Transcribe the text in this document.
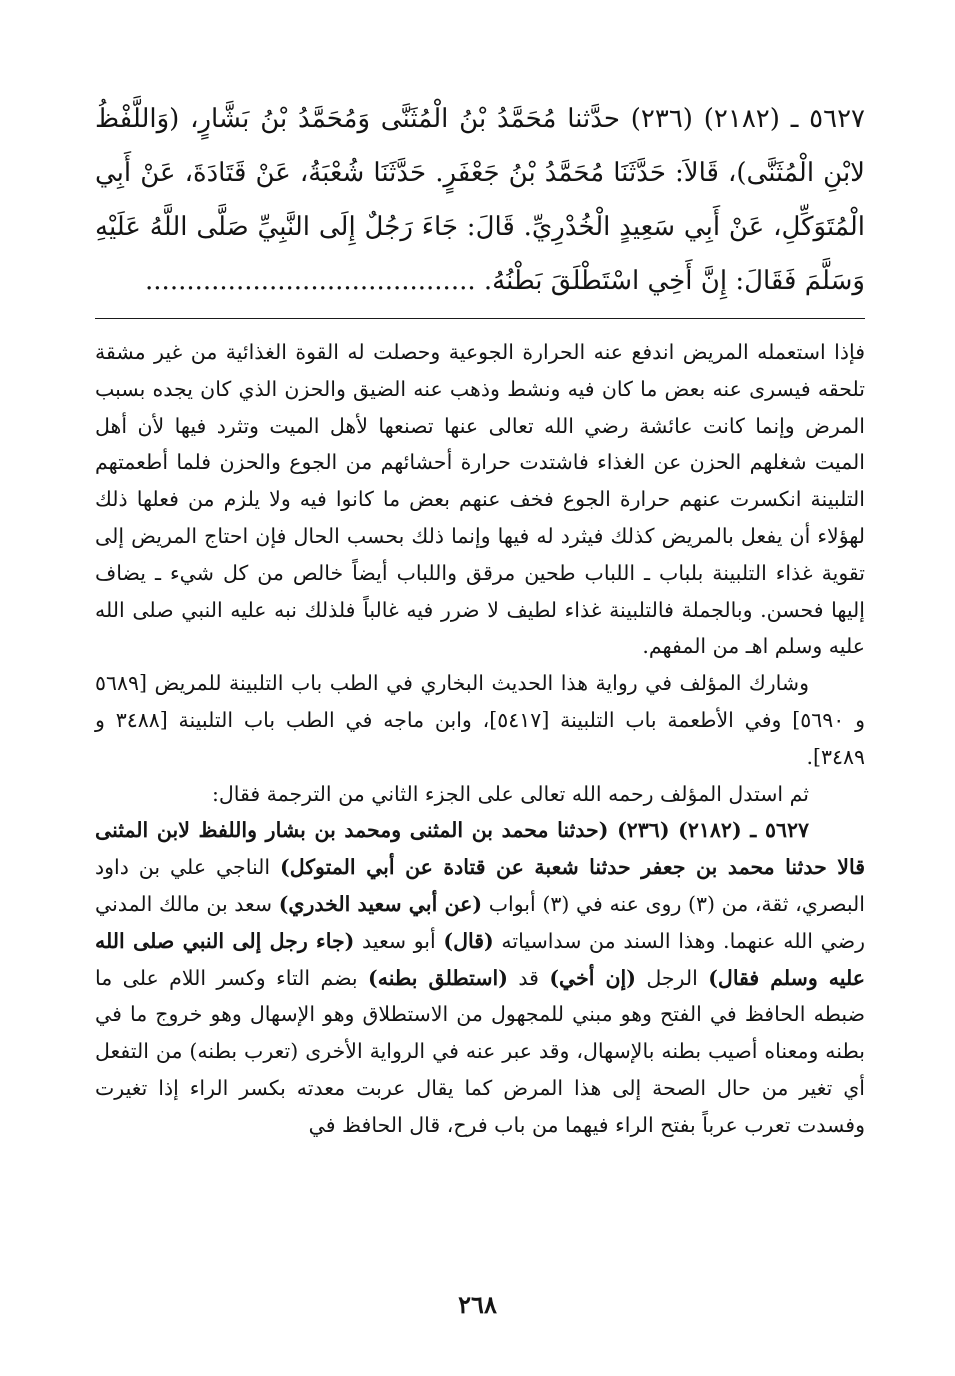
٥٦٢٧ ـ (٢١٨٢) (٢٣٦) حدَّثنا مُحَمَّدُ بْنُ الْمُثَنَّى وَمُحَمَّدُ بْنُ بَشَّارٍ، (وَاللَّفْظُ لابْنِ الْمُثَنَّى)، قَالاَ: حَدَّثَنَا مُحَمَّدُ بْنُ جَعْفَرٍ. حَدَّثَنَا شُعْبَةُ، عَنْ قَتَادَةَ، عَنْ أَبِي الْمُتَوَكِّلِ، عَنْ أَبِي سَعِيدٍ الْخُدْرِيِّ. قَالَ: جَاءَ رَجُلٌ إِلَى النَّبِيِّ صَلَّى اللَّهُ عَلَيْهِ وَسَلَّمَ فَقَالَ: إِنَّ أَخِي اسْتَطْلَقَ بَطْنُهُ. ........................................

فإذا استعمله المريض اندفع عنه الحرارة الجوعية وحصلت له القوة الغذائية من غير مشقة تلحقه فيسرى عنه بعض ما كان فيه ونشط وذهب عنه الضيق والحزن الذي كان يجده بسبب المرض وإنما كانت عائشة رضي الله تعالى عنها تصنعها لأهل الميت وتثرد فيها لأن أهل الميت شغلهم الحزن عن الغذاء فاشتدت حرارة أحشائهم من الجوع والحزن فلما أطعمتهم التلبينة انكسرت عنهم حرارة الجوع فخف عنهم بعض ما كانوا فيه ولا يلزم من فعلها ذلك لهؤلاء أن يفعل بالمريض كذلك فيثرد له فيها وإنما ذلك بحسب الحال فإن احتاج المريض إلى تقوية غذاء التلبينة بلباب ـ اللباب طحين مرقق واللباب أيضاً خالص من كل شيء ـ يضاف إليها فحسن. وبالجملة فالتلبينة غذاء لطيف لا ضرر فيه غالباً فلذلك نبه عليه النبي صلى الله عليه وسلم اهـ من المفهم.

وشارك المؤلف في رواية هذا الحديث البخاري في الطب باب التلبينة للمريض [٥٦٨٩ و ٥٦٩٠] وفي الأطعمة باب التلبينة [٥٤١٧]، وابن ماجه في الطب باب التلبينة [٣٤٨٨ و ٣٤٨٩].

ثم استدل المؤلف رحمه الله تعالى على الجزء الثاني من الترجمة فقال:

٥٦٢٧ ـ (٢١٨٢) (٢٣٦) (حدثنا محمد بن المثنى ومحمد بن بشار واللفظ لابن المثنى قالا حدثنا محمد بن جعفر حدثنا شعبة عن قتادة عن أبي المتوكل) الناجي علي بن داود البصري، ثقة، من (٣) روى عنه في (٣) أبواب (عن أبي سعيد الخدري) سعد بن مالك المدني رضي الله عنهما. وهذا السند من سداسياته (قال) أبو سعيد (جاء رجل إلى النبي صلى الله عليه وسلم فقال) الرجل (إن أخي) قد (استطلق بطنه) بضم التاء وكسر اللام على ما ضبطه الحافظ في الفتح وهو مبني للمجهول من الاستطلاق وهو الإسهال وهو خروج ما في بطنه ومعناه أصيب بطنه بالإسهال، وقد عبر عنه في الرواية الأخرى (تعرب بطنه) من التفعل أي تغير من حال الصحة إلى هذا المرض كما يقال عربت معدته بكسر الراء إذا تغيرت وفسدت تعرب عرباً بفتح الراء فيهما من باب فرح، قال الحافظ في

٢٦٨
